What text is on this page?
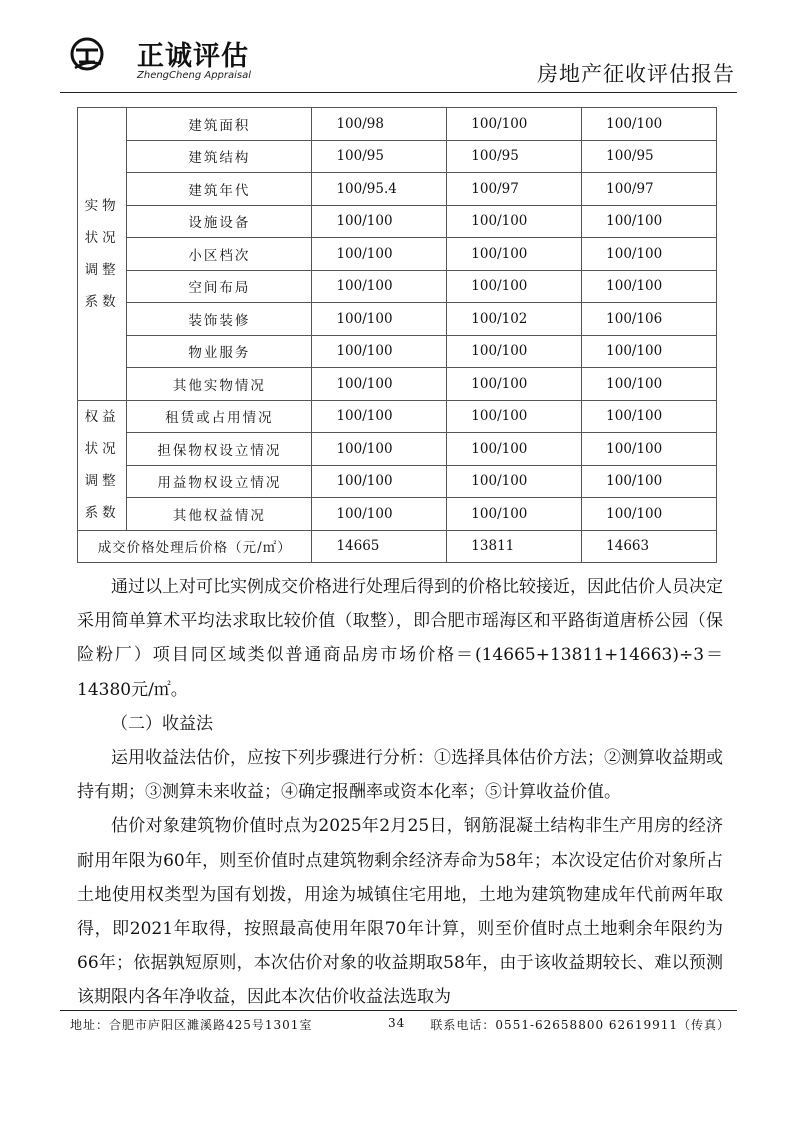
正诚评估
ZhengCheng Appraisal	房地产征收评估报告
实物
状况
调整
系数	建筑面积	100/98	100/100	100/100
	建筑结构	100/95	100/95	100/95
	建筑年代	100/95.4	100/97	100/97
	设施设备	100/100	100/100	100/100
	小区档次	100/100	100/100	100/100
	空间布局	100/100	100/100	100/100
	装饰装修	100/100	100/102	100/106
	物业服务	100/100	100/100	100/100
	其他实物情况	100/100	100/100	100/100

权益
状况
调整
系数	租赁或占用情况	100/100	100/100	100/100
	担保物权设立情况	100/100	100/100	100/100
	用益物权设立情况	100/100	100/100	100/100
	其他权益情况	100/100	100/100	100/100
成交价格处理后价格（元/㎡）		14665	13811	14663

通过以上对可比实例成交价格进行处理后得到的价格比较接近，因此估价人员决定采用简单算术平均法求取比较价值（取整），即合肥市瑶海区和平路街道唐桥公园（保险粉厂）项目同区域类似普通商品房市场价格＝(14665+13811+14663)÷3＝14380元/㎡。

（二）收益法

运用收益法估价，应按下列步骤进行分析：①选择具体估价方法；②测算收益期或持有期；③测算未来收益；④确定报酬率或资本化率；⑤计算收益价值。

估价对象建筑物价值时点为2025年2月25日，钢筋混凝土结构非生产用房的经济耐用年限为60年，则至价值时点建筑物剩余经济寿命为58年；本次设定估价对象所占土地使用权类型为国有划拨，用途为城镇住宅用地，土地为建筑物建成年代前两年取得，即2021年取得，按照最高使用年限70年计算，则至价值时点土地剩余年限约为66年；依据孰短原则，本次估价对象的收益期取58年，由于该收益期较长、难以预测该期限内各年净收益，因此本次估价收益法选取为

地址：合肥市庐阳区濉溪路425号1301室	34 联系电话：0551-62658800 62619911（传真）
